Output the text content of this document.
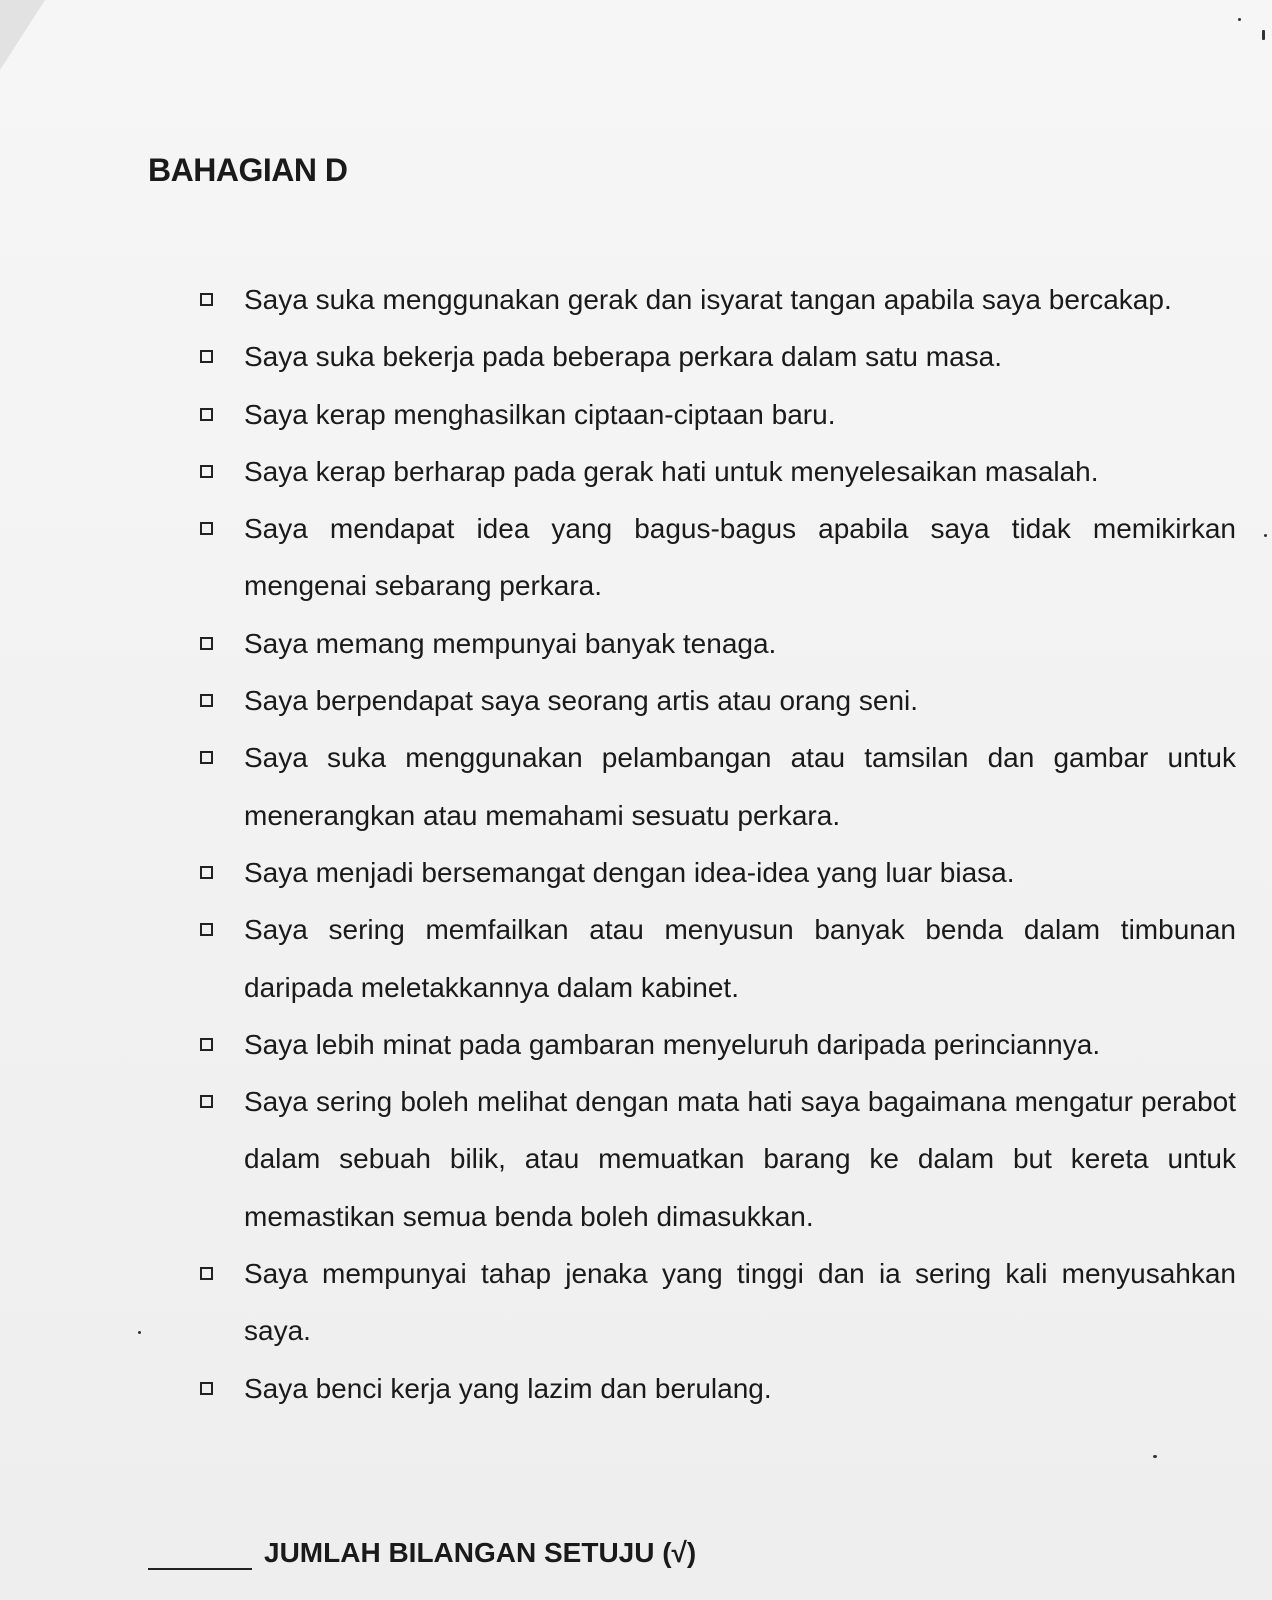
BAHAGIAN D
Saya suka menggunakan gerak dan isyarat tangan apabila saya bercakap.
Saya suka bekerja pada beberapa perkara dalam satu masa.
Saya kerap menghasilkan ciptaan-ciptaan baru.
Saya kerap berharap pada gerak hati untuk menyelesaikan masalah.
Saya mendapat idea yang bagus-bagus apabila saya tidak memikirkan mengenai sebarang perkara.
Saya memang mempunyai banyak tenaga.
Saya berpendapat saya seorang artis atau orang seni.
Saya suka menggunakan pelambangan atau tamsilan dan gambar untuk menerangkan atau memahami sesuatu perkara.
Saya menjadi bersemangat dengan idea-idea yang luar biasa.
Saya sering memfailkan atau menyusun banyak benda dalam timbunan daripada meletakkannya dalam kabinet.
Saya lebih minat pada gambaran menyeluruh daripada perinciannya.
Saya sering boleh melihat dengan mata hati saya bagaimana mengatur perabot dalam sebuah bilik, atau memuatkan barang ke dalam but kereta untuk memastikan semua benda boleh dimasukkan.
Saya mempunyai tahap jenaka yang tinggi dan ia sering kali menyusahkan saya.
Saya benci kerja yang lazim dan berulang.
JUMLAH BILANGAN SETUJU (√)
